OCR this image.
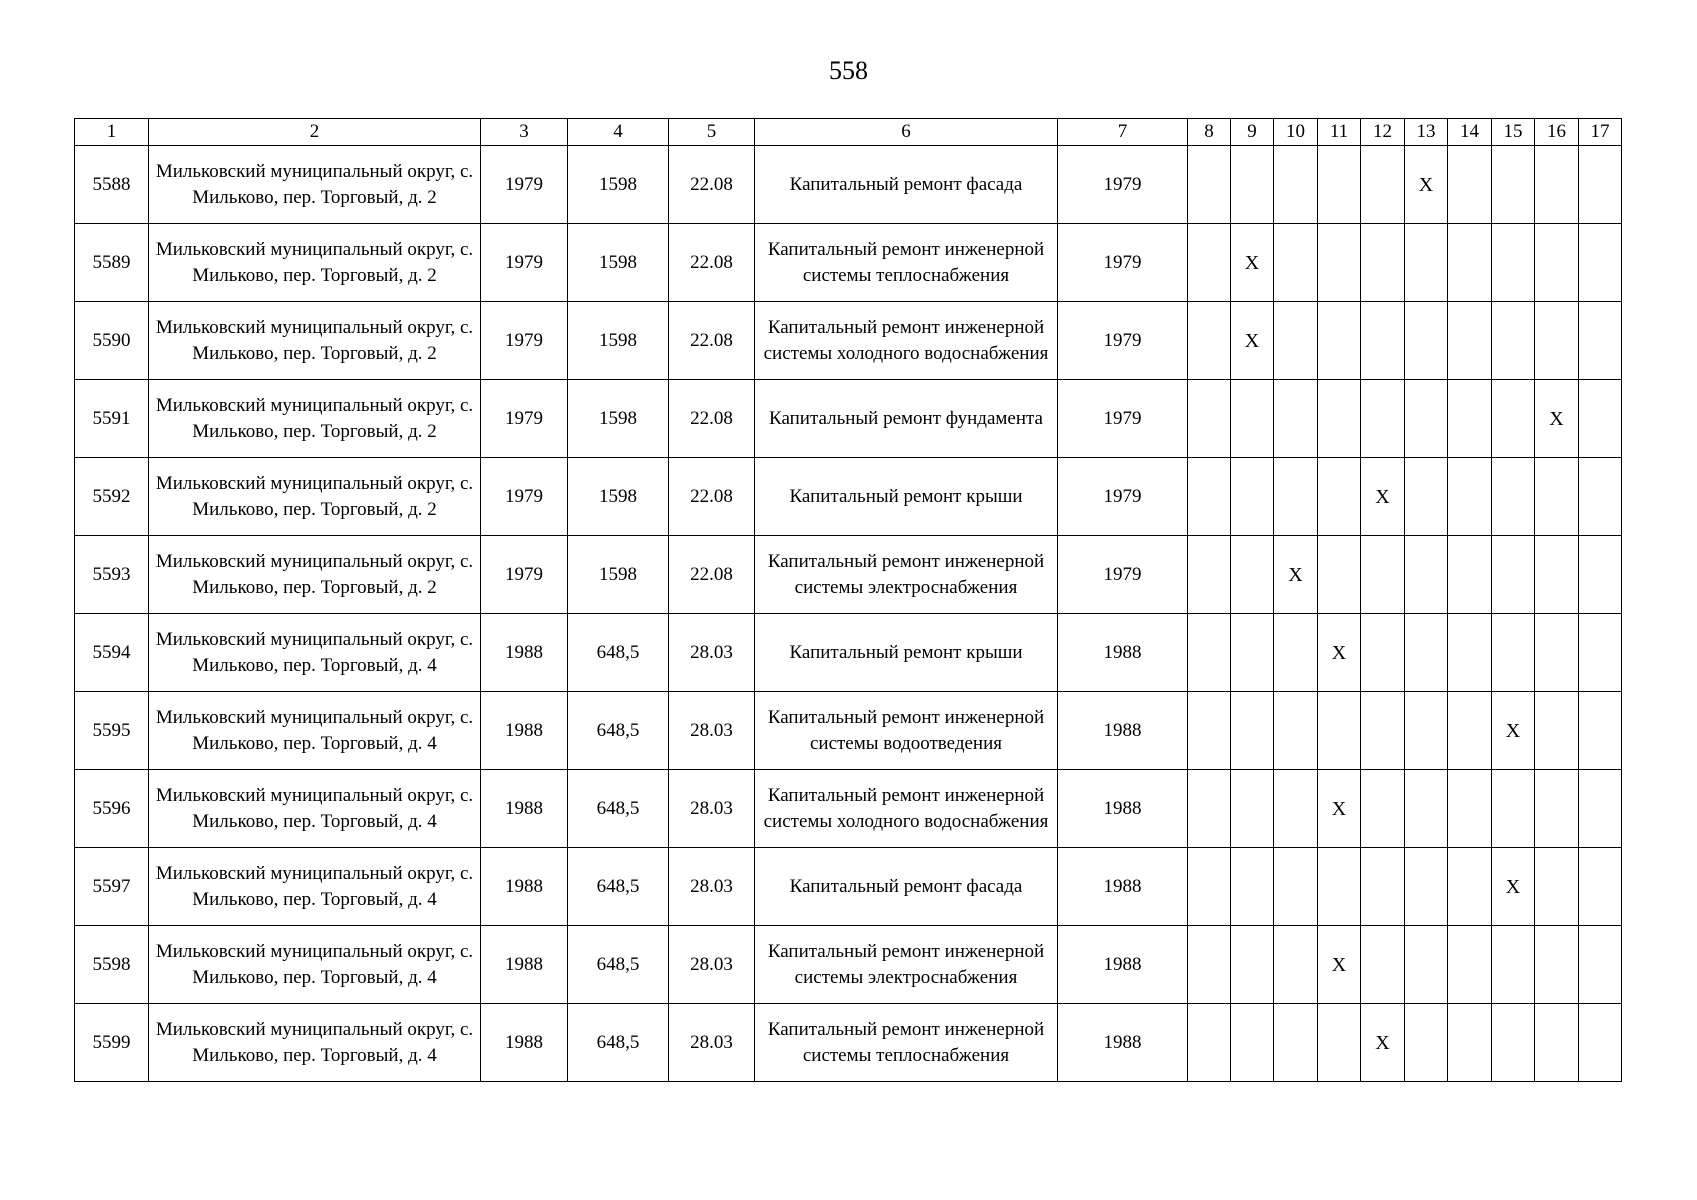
558
1	2	3	4	5	6	7	8	9	10	11	12	13	14	15	16	17
5588	Мильковский муниципальный округ, с. Мильково, пер. Торговый, д. 2	1979	1598	22.08	Капитальный ремонт фасада	1979						Х				
5589	Мильковский муниципальный округ, с. Мильково, пер. Торговый, д. 2	1979	1598	22.08	Капитальный ремонт инженерной системы теплоснабжения	1979		Х								
5590	Мильковский муниципальный округ, с. Мильково, пер. Торговый, д. 2	1979	1598	22.08	Капитальный ремонт инженерной системы холодного водоснабжения	1979		Х								
5591	Мильковский муниципальный округ, с. Мильково, пер. Торговый, д. 2	1979	1598	22.08	Капитальный ремонт фундамента	1979									Х	
5592	Мильковский муниципальный округ, с. Мильково, пер. Торговый, д. 2	1979	1598	22.08	Капитальный ремонт крыши	1979					Х					
5593	Мильковский муниципальный округ, с. Мильково, пер. Торговый, д. 2	1979	1598	22.08	Капитальный ремонт инженерной системы электроснабжения	1979			Х							
5594	Мильковский муниципальный округ, с. Мильково, пер. Торговый, д. 4	1988	648,5	28.03	Капитальный ремонт крыши	1988				Х						
5595	Мильковский муниципальный округ, с. Мильково, пер. Торговый, д. 4	1988	648,5	28.03	Капитальный ремонт инженерной системы водоотведения	1988								Х		
5596	Мильковский муниципальный округ, с. Мильково, пер. Торговый, д. 4	1988	648,5	28.03	Капитальный ремонт инженерной системы холодного водоснабжения	1988				Х						
5597	Мильковский муниципальный округ, с. Мильково, пер. Торговый, д. 4	1988	648,5	28.03	Капитальный ремонт фасада	1988								Х		
5598	Мильковский муниципальный округ, с. Мильково, пер. Торговый, д. 4	1988	648,5	28.03	Капитальный ремонт инженерной системы электроснабжения	1988				Х						
5599	Мильковский муниципальный округ, с. Мильково, пер. Торговый, д. 4	1988	648,5	28.03	Капитальный ремонт инженерной системы теплоснабжения	1988					Х					
